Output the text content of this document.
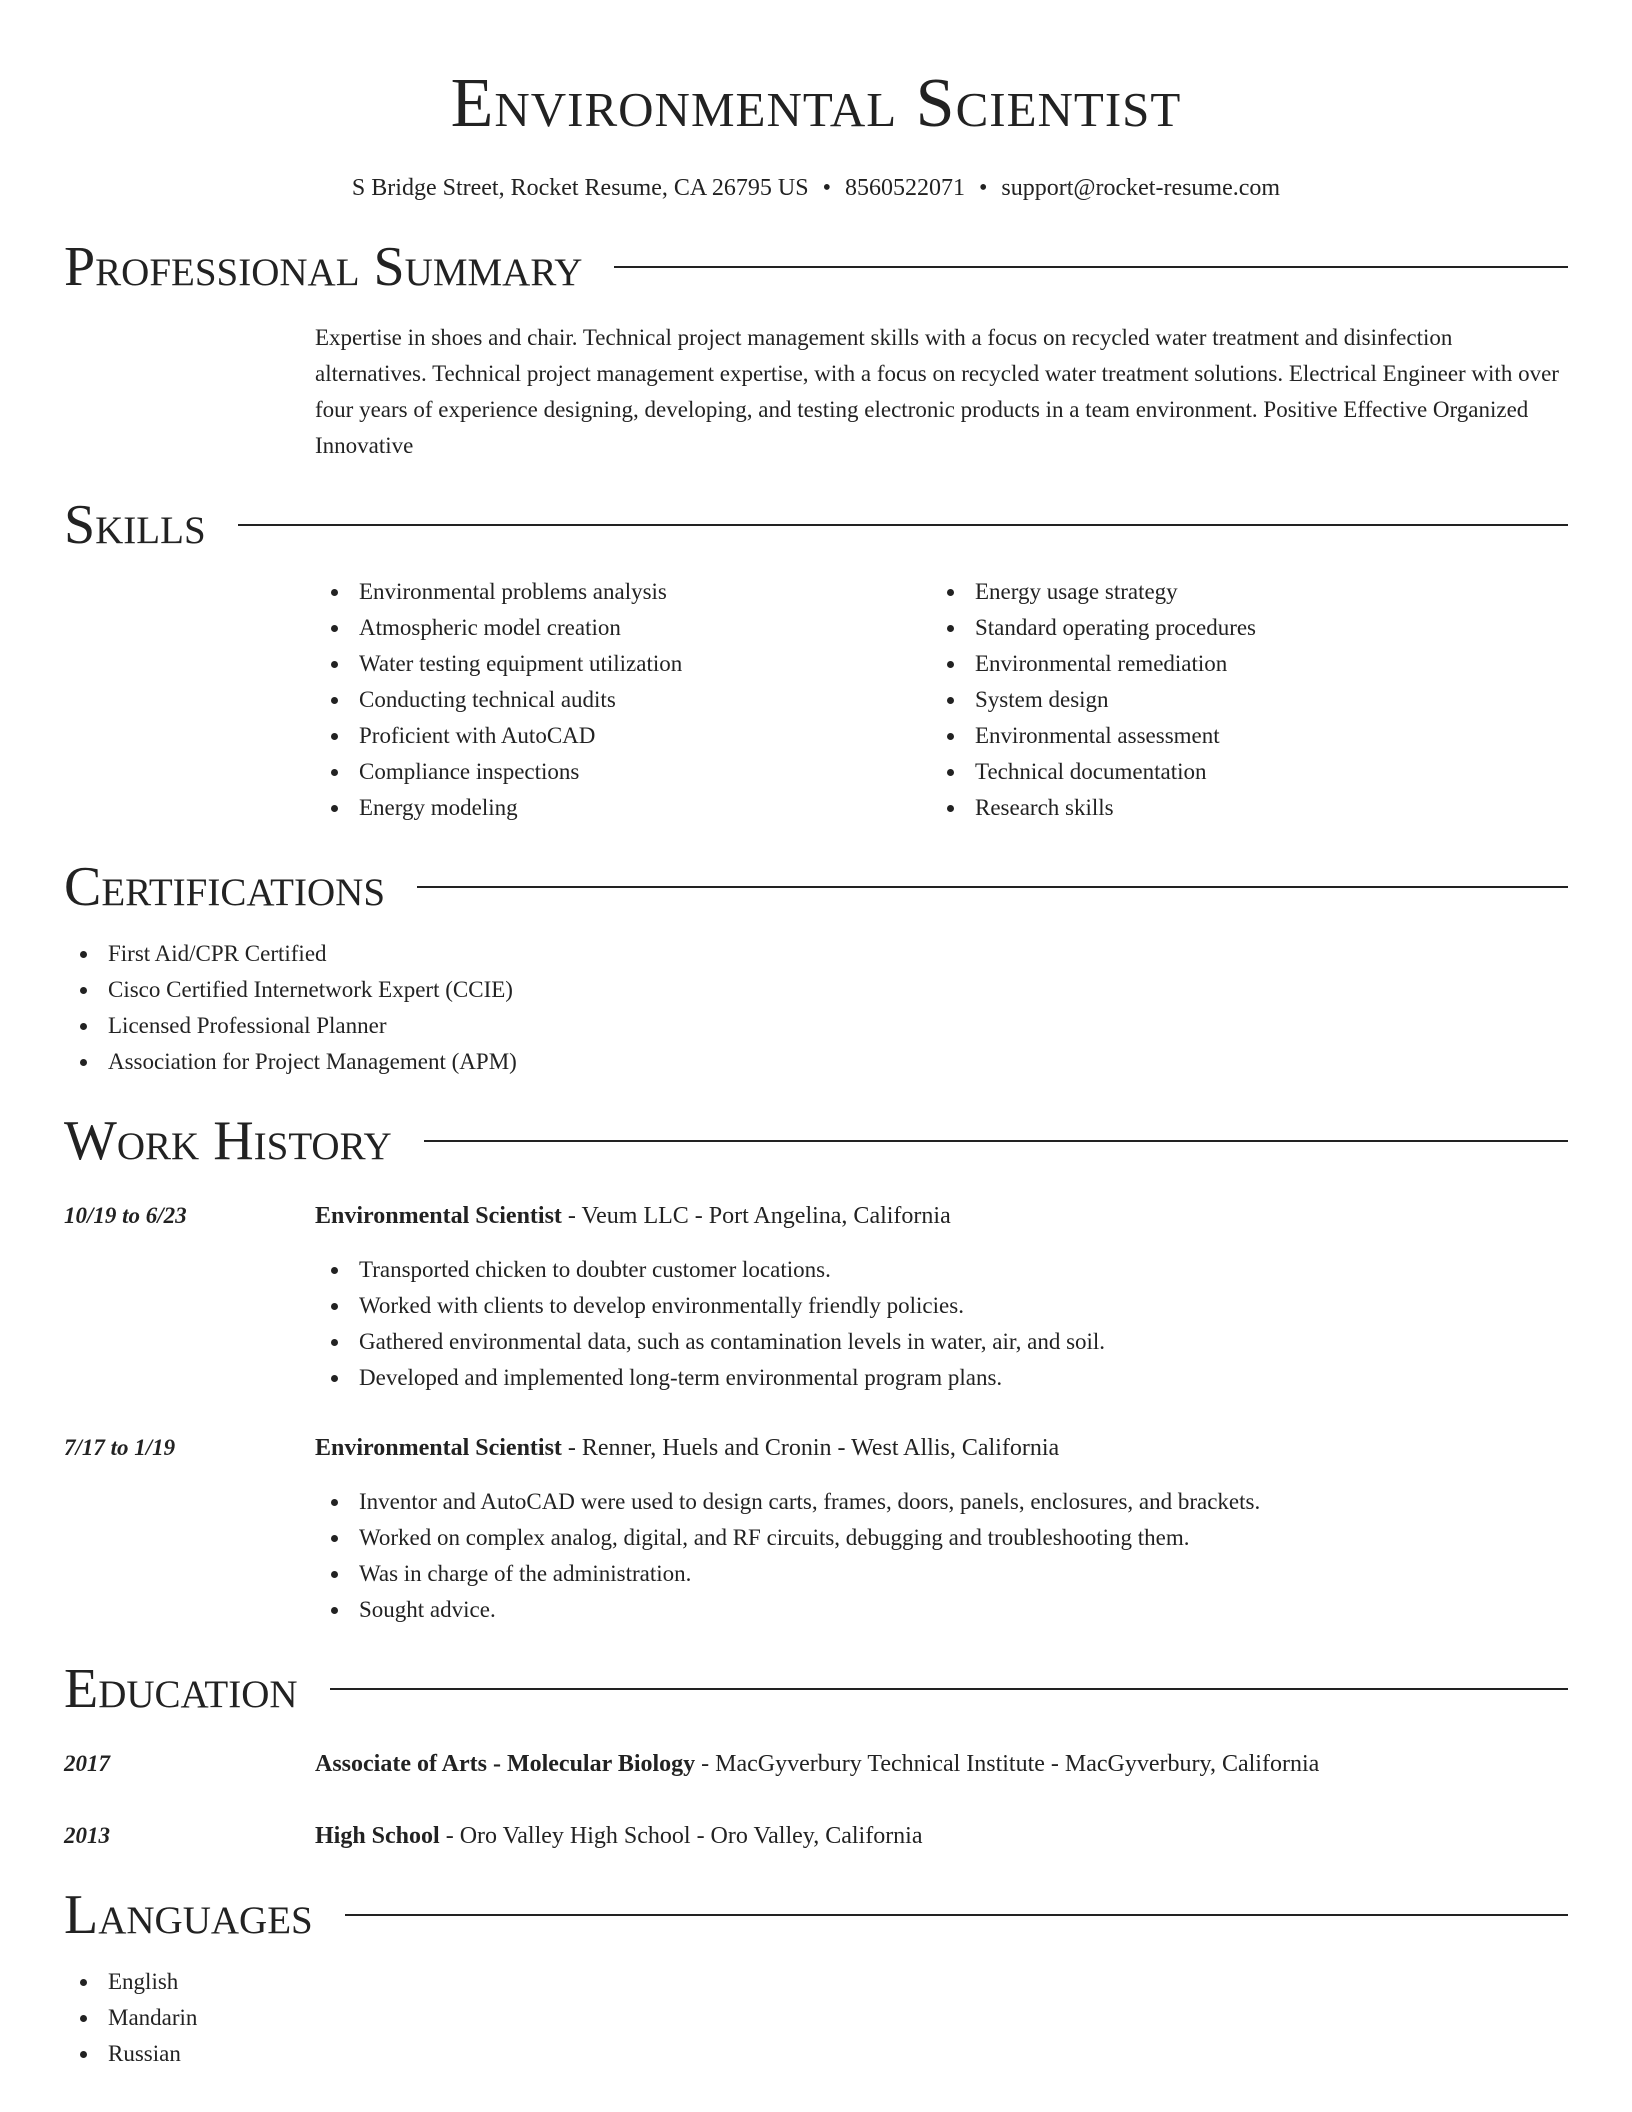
Environmental Scientist
S Bridge Street, Rocket Resume, CA 26795 US • 8560522071 • support@rocket-resume.com
Professional Summary
Expertise in shoes and chair. Technical project management skills with a focus on recycled water treatment and disinfection alternatives. Technical project management expertise, with a focus on recycled water treatment solutions. Electrical Engineer with over four years of experience designing, developing, and testing electronic products in a team environment. Positive Effective Organized Innovative
Skills
Environmental problems analysis
Atmospheric model creation
Water testing equipment utilization
Conducting technical audits
Proficient with AutoCAD
Compliance inspections
Energy modeling
Energy usage strategy
Standard operating procedures
Environmental remediation
System design
Environmental assessment
Technical documentation
Research skills
Certifications
First Aid/CPR Certified
Cisco Certified Internetwork Expert (CCIE)
Licensed Professional Planner
Association for Project Management (APM)
Work History
10/19 to 6/23	Environmental Scientist - Veum LLC - Port Angelina, California
Transported chicken to doubter customer locations.
Worked with clients to develop environmentally friendly policies.
Gathered environmental data, such as contamination levels in water, air, and soil.
Developed and implemented long-term environmental program plans.
7/17 to 1/19	Environmental Scientist - Renner, Huels and Cronin - West Allis, California
Inventor and AutoCAD were used to design carts, frames, doors, panels, enclosures, and brackets.
Worked on complex analog, digital, and RF circuits, debugging and troubleshooting them.
Was in charge of the administration.
Sought advice.
Education
2017	Associate of Arts - Molecular Biology - MacGyverbury Technical Institute - MacGyverbury, California
2013	High School - Oro Valley High School - Oro Valley, California
Languages
English
Mandarin
Russian
